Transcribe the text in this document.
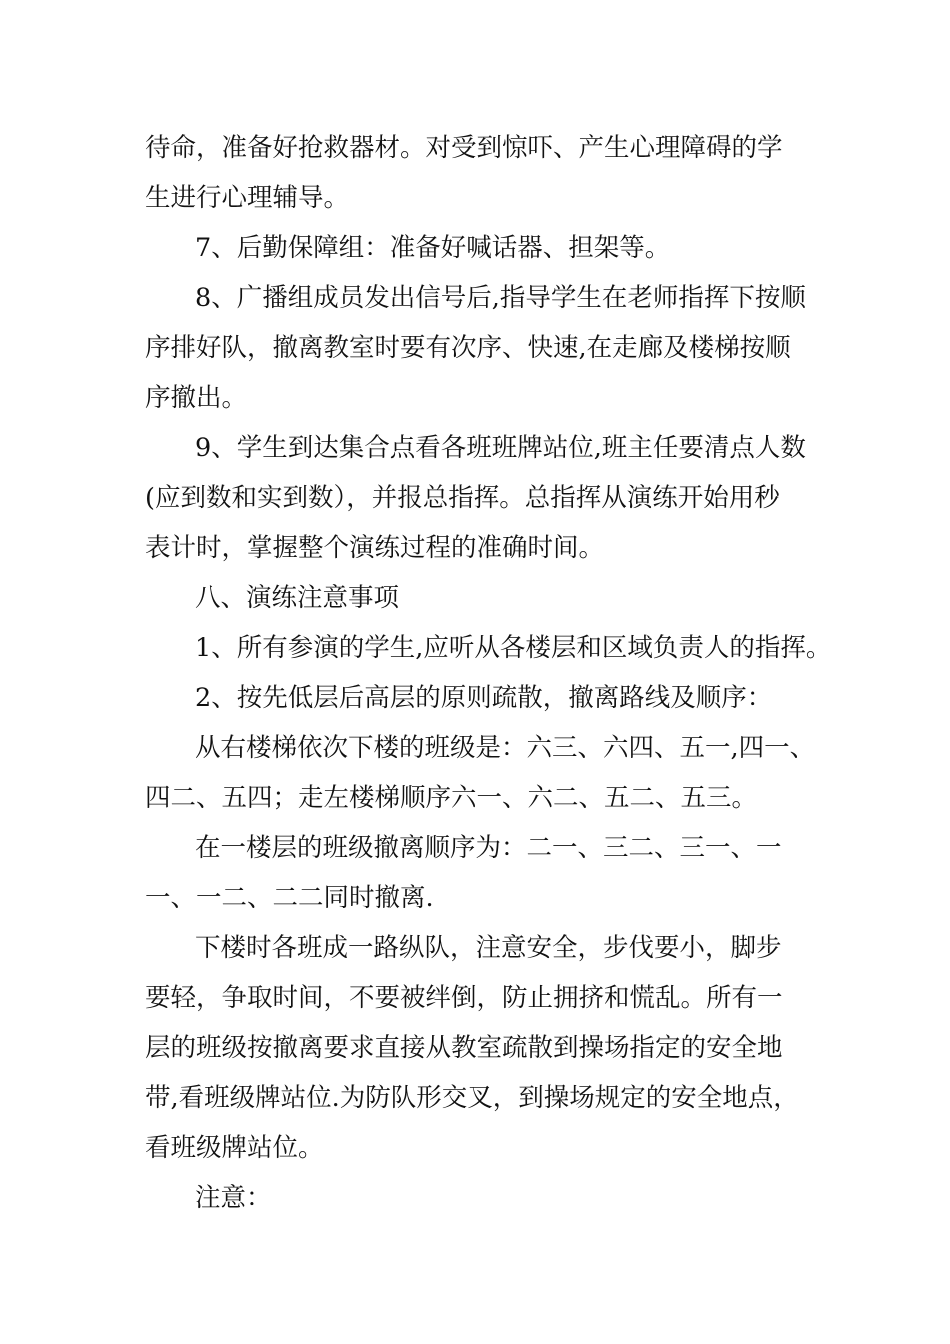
待命，准备好抢救器材。对受到惊吓、产生心理障碍的学
生进行心理辅导。
7、后勤保障组：准备好喊话器、担架等。
8、广播组成员发出信号后,指导学生在老师指挥下按顺
序排好队，撤离教室时要有次序、快速,在走廊及楼梯按顺
序撤出。
9、学生到达集合点看各班班牌站位,班主任要清点人数
(应到数和实到数），并报总指挥。总指挥从演练开始用秒
表计时，掌握整个演练过程的准确时间。
八、演练注意事项
1、所有参演的学生,应听从各楼层和区域负责人的指挥。
2、按先低层后高层的原则疏散，撤离路线及顺序：
从右楼梯依次下楼的班级是：六三、六四、五一,四一、
四二、五四；走左楼梯顺序六一、六二、五二、五三。
在一楼层的班级撤离顺序为：二一、三二、三一、一
一、一二、二二同时撤离.
下楼时各班成一路纵队，注意安全，步伐要小，脚步
要轻，争取时间，不要被绊倒，防止拥挤和慌乱。所有一
层的班级按撤离要求直接从教室疏散到操场指定的安全地
带,看班级牌站位.为防队形交叉，到操场规定的安全地点，
看班级牌站位。
注意：
